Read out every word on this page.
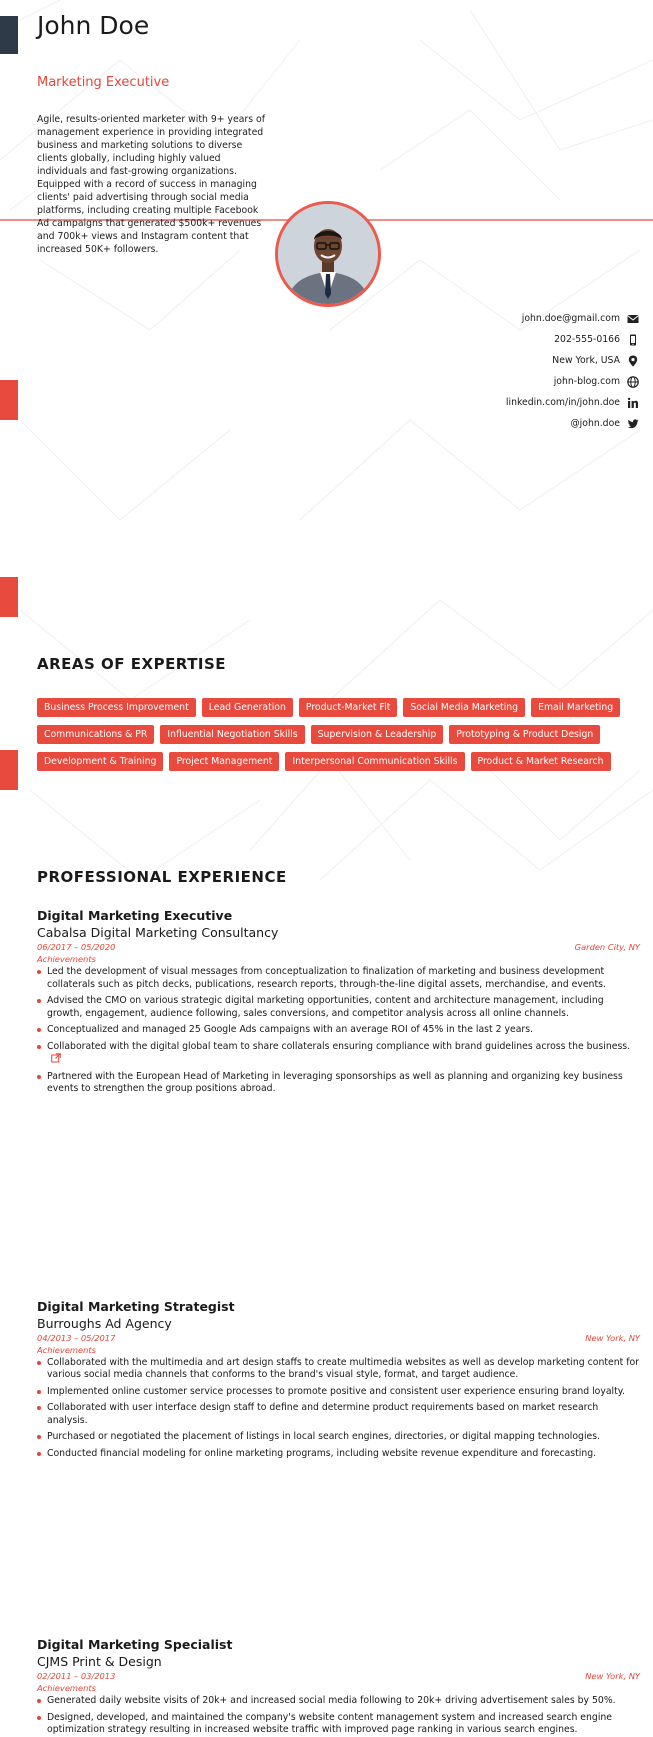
John Doe
Marketing Executive

Agile, results-oriented marketer with 9+ years of management experience in providing integrated business and marketing solutions to diverse clients globally, including highly valued individuals and fast-growing organizations. Equipped with a record of success in managing clients' paid advertising through social media platforms, including creating multiple Facebook Ad campaigns that generated $500k+ revenues and 700k+ views and Instagram content that increased 50K+ followers.

john.doe@gmail.com
202-555-0166
New York, USA
john-blog.com
linkedin.com/in/john.doe
@john.doe
AREAS OF EXPERTISE
Business Process Improvement	Lead Generation	Product-Market Fit	Social Media Marketing	Email Marketing
Communications & PR	Influential Negotiation Skills	Supervision & Leadership	Prototyping & Product Design
Development & Training	Project Management	Interpersonal Communication Skills	Product & Market Research
PROFESSIONAL EXPERIENCE
Digital Marketing Executive
Cabalsa Digital Marketing Consultancy
06/2017 – 05/2020	Garden City, NY
Achievements
Led the development of visual messages from conceptualization to finalization of marketing and business development collaterals such as pitch decks, publications, research reports, through-the-line digital assets, merchandise, and events.
Advised the CMO on various strategic digital marketing opportunities, content and architecture management, including growth, engagement, audience following, sales conversions, and competitor analysis across all online channels.
Conceptualized and managed 25 Google Ads campaigns with an average ROI of 45% in the last 2 years.
Collaborated with the digital global team to share collaterals ensuring compliance with brand guidelines across the business.
Partnered with the European Head of Marketing in leveraging sponsorships as well as planning and organizing key business events to strengthen the group positions abroad.
Digital Marketing Strategist
Burroughs Ad Agency
04/2013 – 05/2017	New York, NY
Achievements
Collaborated with the multimedia and art design staffs to create multimedia websites as well as develop marketing content for various social media channels that conforms to the brand's visual style, format, and target audience.
Implemented online customer service processes to promote positive and consistent user experience ensuring brand loyalty.
Collaborated with user interface design staff to define and determine product requirements based on market research analysis.
Purchased or negotiated the placement of listings in local search engines, directories, or digital mapping technologies.
Conducted financial modeling for online marketing programs, including website revenue expenditure and forecasting.
Digital Marketing Specialist
CJMS Print & Design
02/2011 – 03/2013	New York, NY
Achievements
Generated daily website visits of 20k+ and increased social media following to 20k+ driving advertisement sales by 50%.
Designed, developed, and maintained the company's website content management system and increased search engine optimization strategy resulting in increased website traffic with improved page ranking in various search engines.
